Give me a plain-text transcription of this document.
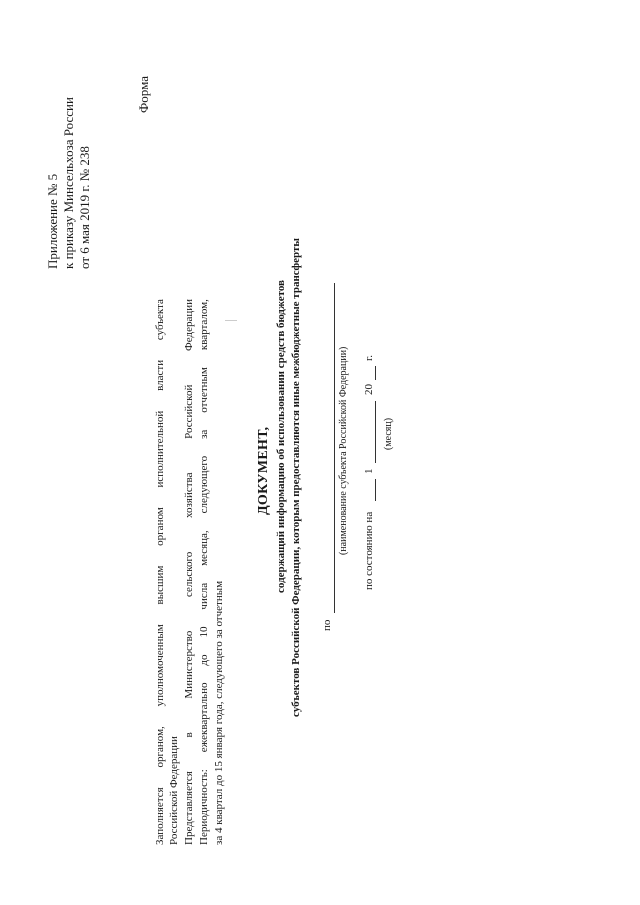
Приложение № 5 к приказу Минсельхоза России от 6 мая 2019 г. № 238
Форма
Заполняется
органом,
уполномоченным
высшим
органом
исполнительной
власти
субъекта
Российской Федерации Представляется
в
Министерство
сельского
хозяйства
Российской
Федерации
Периодичность:
ежеквартально
до
10
числа
месяца,
следующего
за
отчетным
кварталом,
за 4 квартал до 15 января года, следующего за отчетным
ДОКУМЕНТ, содержащий информацию об использовании средств бюджетов субъектов Российской Федерации, которым предоставляются иные межбюджетные трансферты по
(наименование субъекта Российской Федерации) по состоянию на
1
20
г.
(месяц)
